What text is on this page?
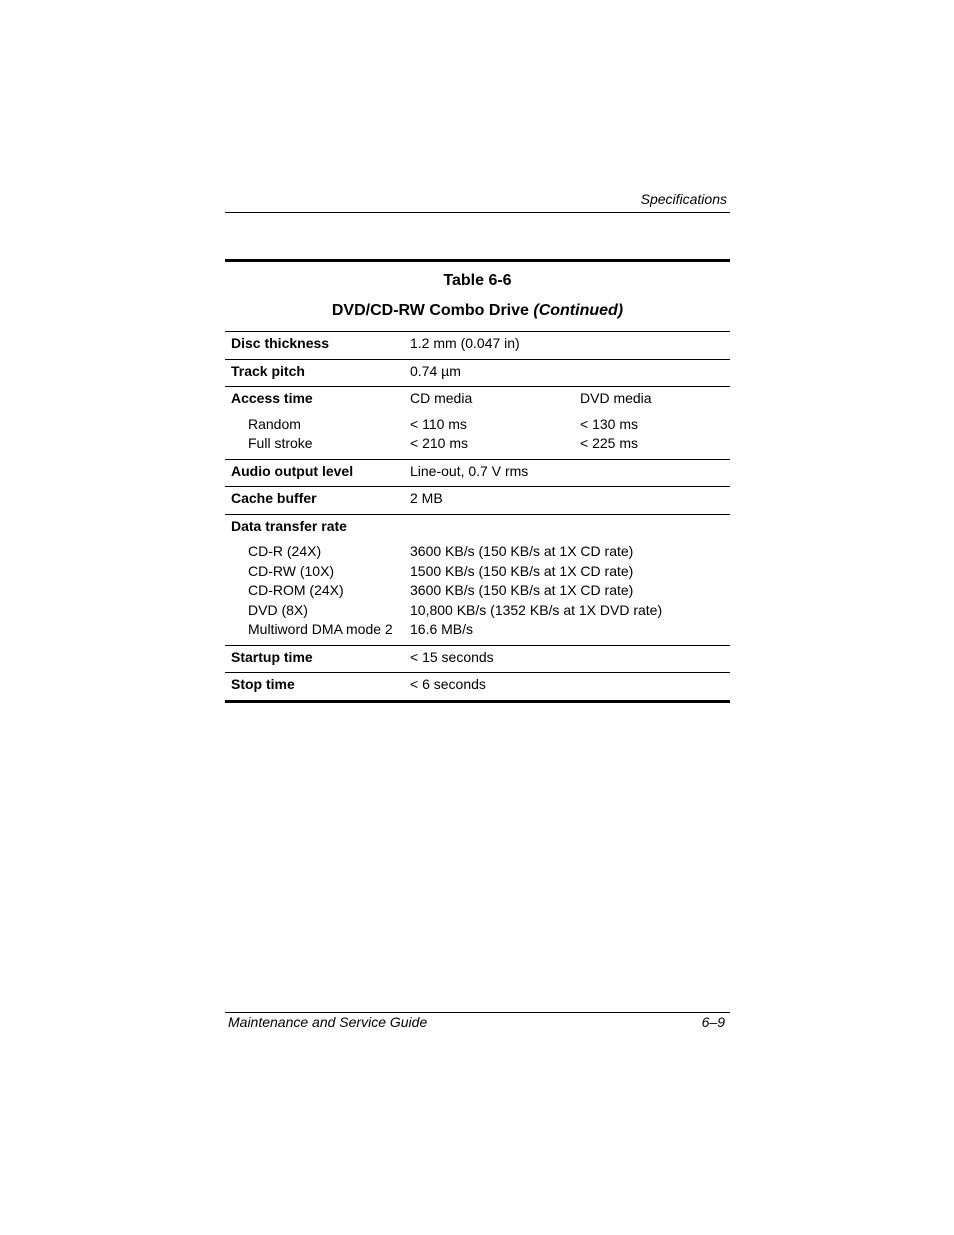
Specifications
Table 6-6
DVD/CD-RW Combo Drive (Continued)
Disc thickness	1.2 mm (0.047 in)
Track pitch	0.74 µm
Access time	CD media	DVD media
Random	< 110 ms	< 130 ms
Full stroke	< 210 ms	< 225 ms
Audio output level	Line-out, 0.7 V rms
Cache buffer	2 MB
Data transfer rate
CD-R (24X)	3600 KB/s (150 KB/s at 1X CD rate)
CD-RW (10X)	1500 KB/s (150 KB/s at 1X CD rate)
CD-ROM (24X)	3600 KB/s (150 KB/s at 1X CD rate)
DVD (8X)	10,800 KB/s (1352 KB/s at 1X DVD rate)
Multiword DMA mode 2	16.6 MB/s
Startup time	< 15 seconds
Stop time	< 6 seconds
Maintenance and Service Guide	6–9
